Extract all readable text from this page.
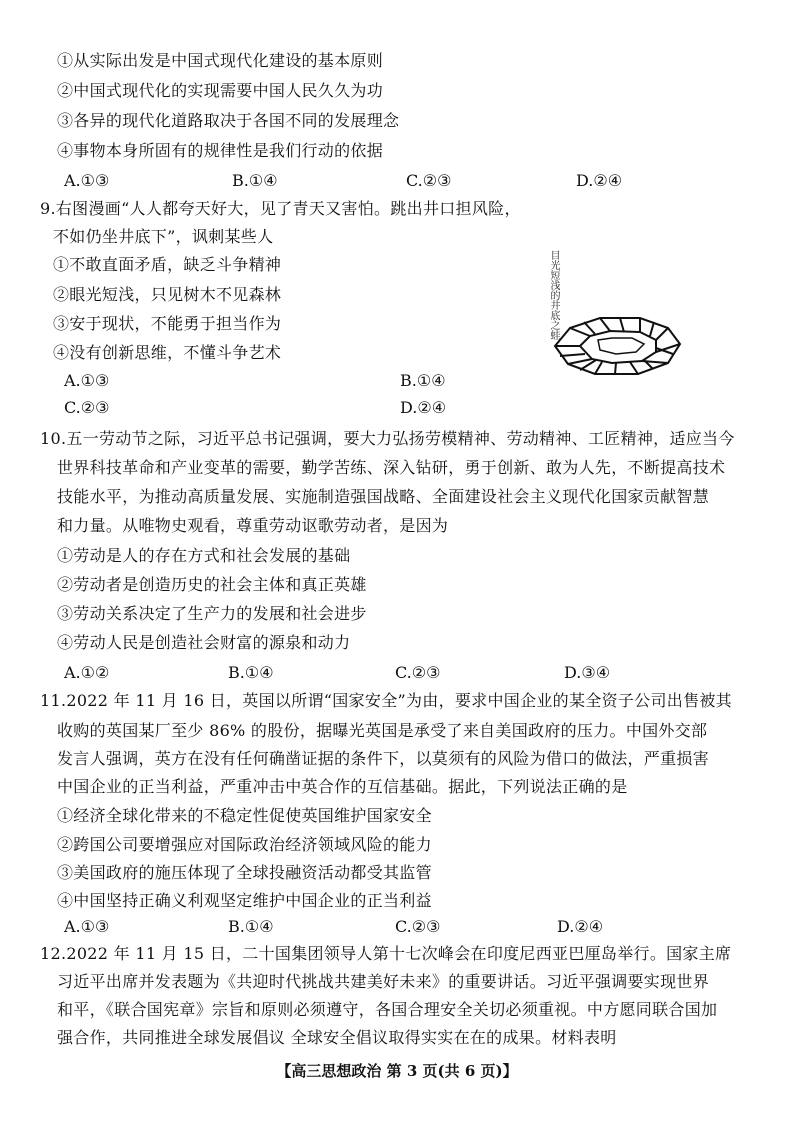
①从实际出发是中国式现代化建设的基本原则
②中国式现代化的实现需要中国人民久久为功
③各异的现代化道路取决于各国不同的发展理念
④事物本身所固有的规律性是我们行动的依据
A.①③	B.①④	C.②③	D.②④
9.右图漫画“人人都夸天好大，见了青天又害怕。跳出井口担风险，
不如仍坐井底下”，讽刺某些人
①不敢直面矛盾，缺乏斗争精神
②眼光短浅，只见树木不见森林
③安于现状，不能勇于担当作为
④没有创新思维，不懂斗争艺术
A.①③	B.①④
C.②③	D.②④
目光短浅的井底之蛙
10.五一劳动节之际，习近平总书记强调，要大力弘扬劳模精神、劳动精神、工匠精神，适应当今
世界科技革命和产业变革的需要，勤学苦练、深入钻研，勇于创新、敢为人先，不断提高技术
技能水平，为推动高质量发展、实施制造强国战略、全面建设社会主义现代化国家贡献智慧
和力量。从唯物史观看，尊重劳动讴歌劳动者，是因为
①劳动是人的存在方式和社会发展的基础
②劳动者是创造历史的社会主体和真正英雄
③劳动关系决定了生产力的发展和社会进步
④劳动人民是创造社会财富的源泉和动力
A.①②	B.①④	C.②③	D.③④
11.2022 年 11 月 16 日，英国以所谓“国家安全”为由，要求中国企业的某全资子公司出售被其
收购的英国某厂至少 86% 的股份，据曝光英国是承受了来自美国政府的压力。中国外交部
发言人强调，英方在没有任何确凿证据的条件下，以莫须有的风险为借口的做法，严重损害
中国企业的正当利益，严重冲击中英合作的互信基础。据此，下列说法正确的是
①经济全球化带来的不稳定性促使英国维护国家安全
②跨国公司要增强应对国际政治经济领域风险的能力
③美国政府的施压体现了全球投融资活动都受其监管
④中国坚持正确义利观坚定维护中国企业的正当利益
A.①③	B.①④	C.②③	D.②④
12.2022 年 11 月 15 日，二十国集团领导人第十七次峰会在印度尼西亚巴厘岛举行。国家主席
习近平出席并发表题为《共迎时代挑战共建美好未来》的重要讲话。习近平强调要实现世界
和平，《联合国宪章》宗旨和原则必须遵守，各国合理安全关切必须重视。中方愿同联合国加
强合作，共同推进全球发展倡议 全球安全倡议取得实实在在的成果。材料表明
【高三思想政治 第 3 页(共 6 页)】
